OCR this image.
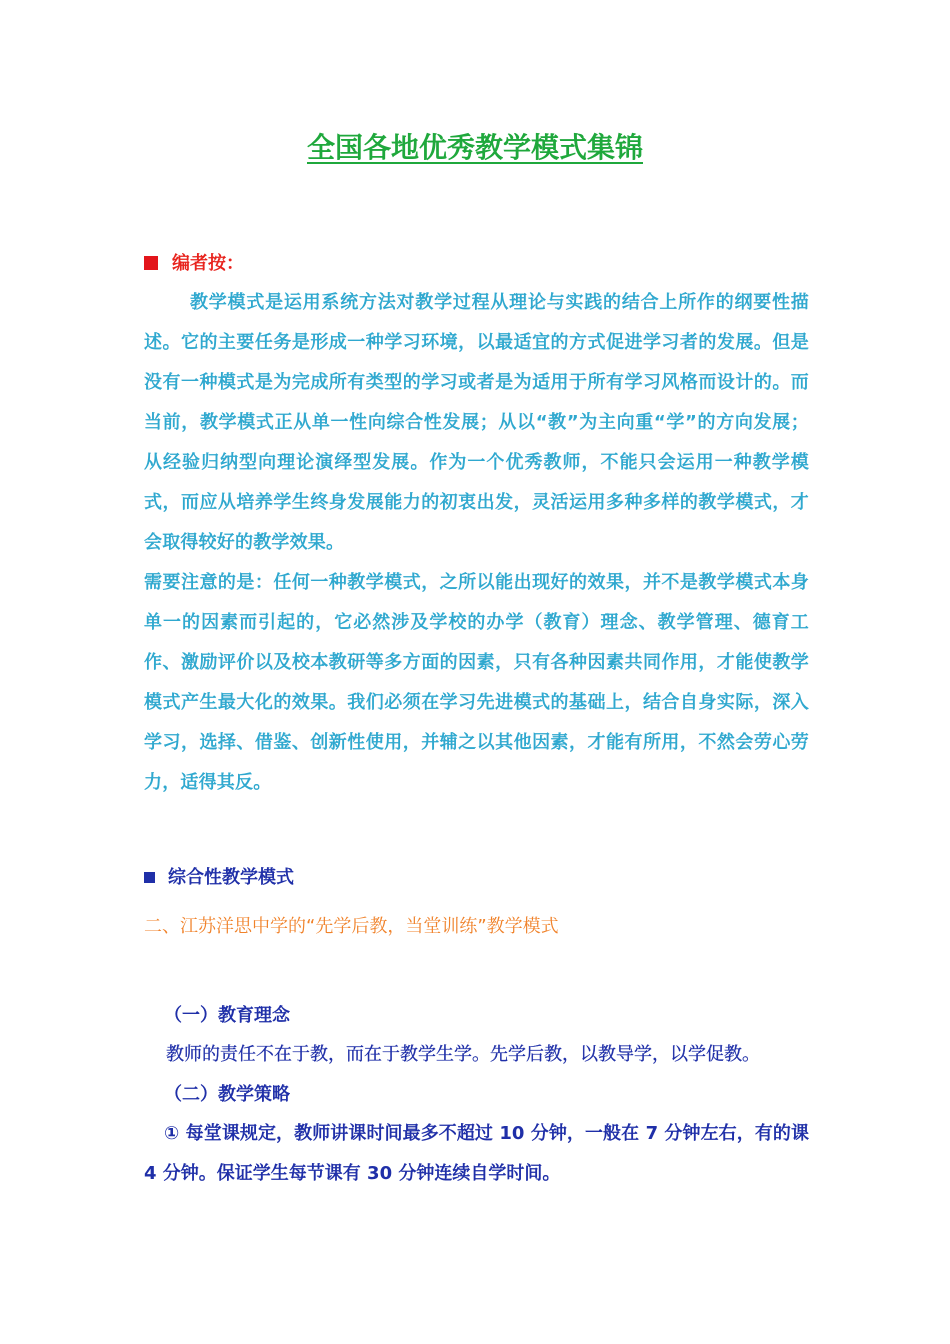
全国各地优秀教学模式集锦
编者按：
教学模式是运用系统方法对教学过程从理论与实践的结合上所作的纲要性描述。它的主要任务是形成一种学习环境，以最适宜的方式促进学习者的发展。但是没有一种模式是为完成所有类型的学习或者是为适用于所有学习风格而设计的。而当前，教学模式正从单一性向综合性发展；从以“教”为主向重“学”的方向发展；从经验归纳型向理论演绎型发展。作为一个优秀教师，不能只会运用一种教学模式，而应从培养学生终身发展能力的初衷出发，灵活运用多种多样的教学模式，才会取得较好的教学效果。
需要注意的是：任何一种教学模式，之所以能出现好的效果，并不是教学模式本身单一的因素而引起的，它必然涉及学校的办学（教育）理念、教学管理、德育工作、激励评价以及校本教研等多方面的因素，只有各种因素共同作用，才能使教学模式产生最大化的效果。我们必须在学习先进模式的基础上，结合自身实际，深入学习，选择、借鉴、创新性使用，并辅之以其他因素，才能有所用，不然会劳心劳力，适得其反。
综合性教学模式
二、江苏洋思中学的“先学后教，当堂训练”教学模式
（一）教育理念
教师的责任不在于教，而在于教学生学。先学后教，以教导学，以学促教。
（二）教学策略
① 每堂课规定，教师讲课时间最多不超过 10 分钟，一般在 7 分钟左右，有的课 4 分钟。保证学生每节课有 30 分钟连续自学时间。
